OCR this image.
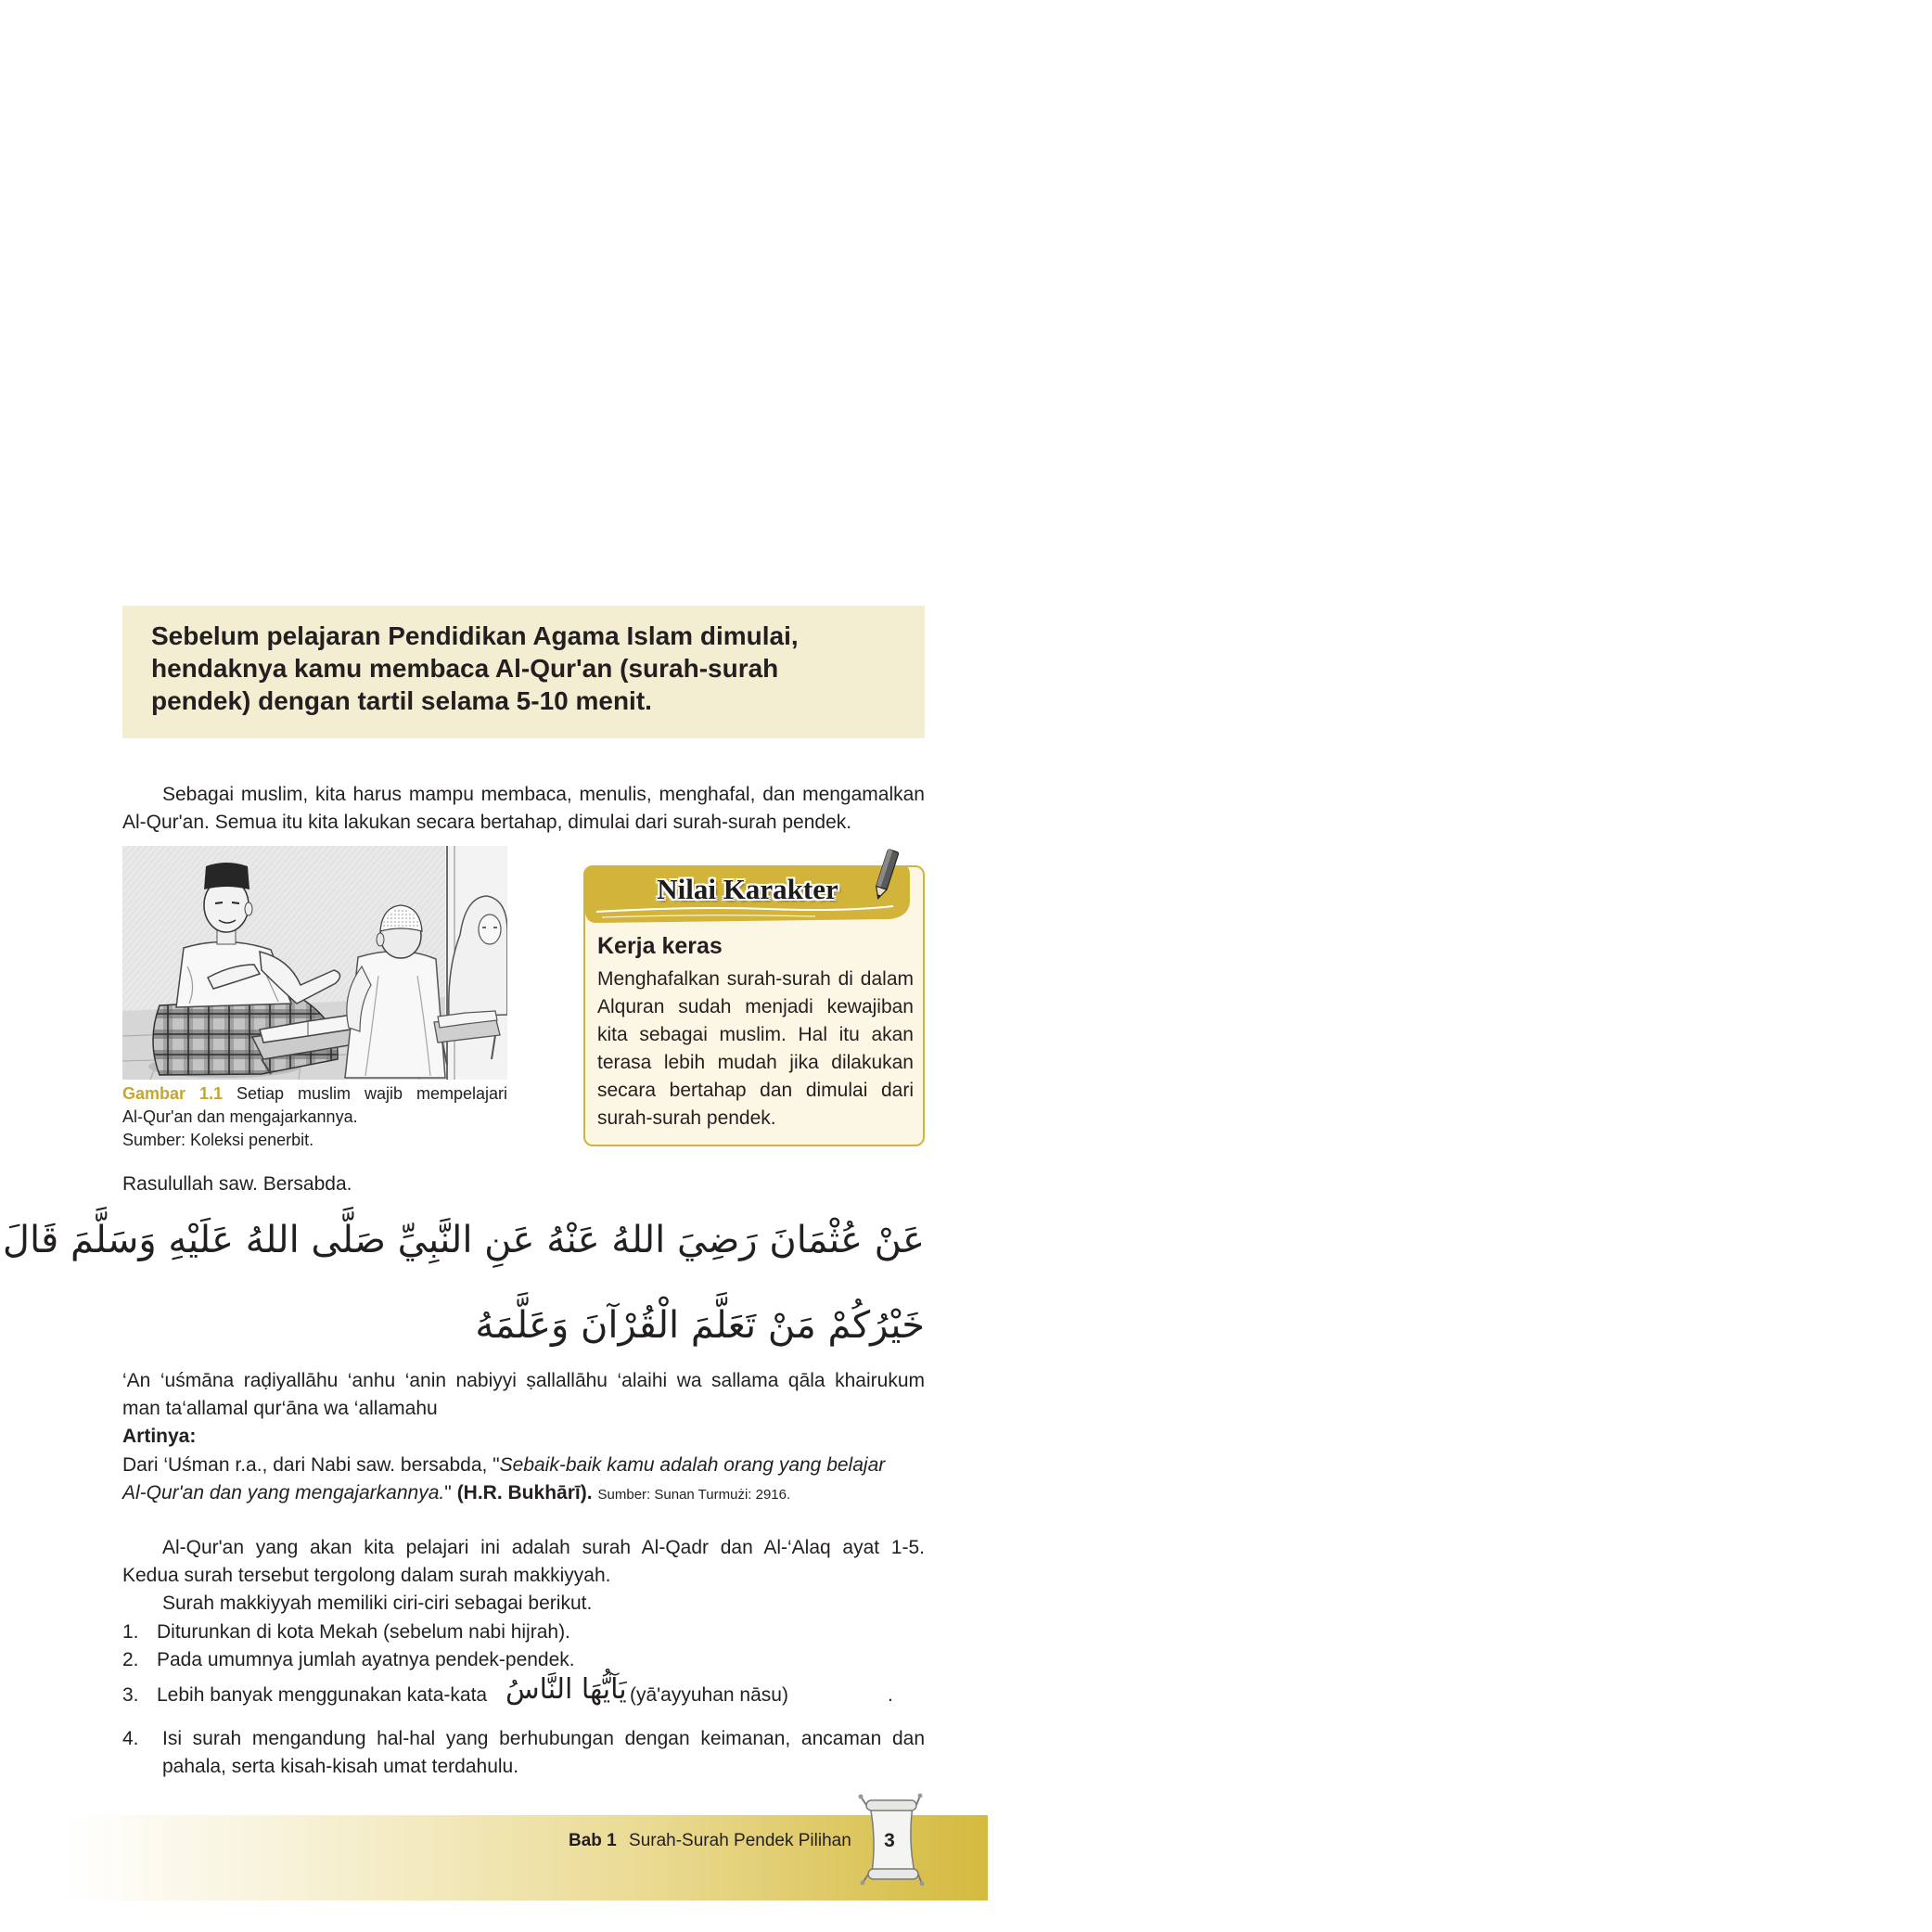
Sebelum pelajaran Pendidikan Agama Islam dimulai,
hendaknya kamu membaca Al-Qur'an (surah-surah
pendek) dengan tartil selama 5-10 menit.
Sebagai muslim, kita harus mampu membaca, menulis, menghafal, dan mengamalkan
Al-Qur'an. Semua itu kita lakukan secara bertahap, dimulai dari surah-surah pendek.
Gambar 1.1 Setiap muslim wajib mempelajari
Al-Qur'an dan mengajarkannya.
Sumber: Koleksi penerbit.
Nilai Karakter
Kerja keras
Menghafalkan surah-surah di dalam
Alquran sudah menjadi kewajiban
kita sebagai muslim. Hal itu akan
terasa lebih mudah jika dilakukan
secara bertahap dan dimulai dari
surah-surah pendek.
Rasulullah saw. Bersabda.
عَنْ عُثْمَانَ رَضِيَ اللهُ عَنْهُ عَنِ النَّبِيِّ صَلَّى اللهُ عَلَيْهِ وَسَلَّمَ قَالَ
خَيْرُكُمْ مَنْ تَعَلَّمَ الْقُرْآنَ وَعَلَّمَهُ
‘An ‘uśmāna raḍiyallāhu ‘anhu ‘anin nabiyyi ṣallallāhu ‘alaihi wa sallama qāla khairukum
man ta‘allamal qur‘āna wa ‘allamahu
Artinya:
Dari ‘Uśman r.a., dari Nabi saw. bersabda, "Sebaik-baik kamu adalah orang yang belajar
Al-Qur'an dan yang mengajarkannya." (H.R. Bukhārī). Sumber: Sunan Turmużi: 2916.
Al-Qur'an yang akan kita pelajari ini adalah surah Al-Qadr dan Al-‘Alaq ayat 1-5.
Kedua surah tersebut tergolong dalam surah makkiyyah.
Surah makkiyyah memiliki ciri-ciri sebagai berikut.
1. Diturunkan di kota Mekah (sebelum nabi hijrah).
2. Pada umumnya jumlah ayatnya pendek-pendek.
3. Lebih banyak menggunakan kata-kata يَآيُّهَا النَّاسُ (yā'ayyuhan nāsu)	.
4. Isi surah mengandung hal-hal yang berhubungan dengan keimanan, ancaman dan
pahala, serta kisah-kisah umat terdahulu.
Bab 1 Surah-Surah Pendek Pilihan	3
